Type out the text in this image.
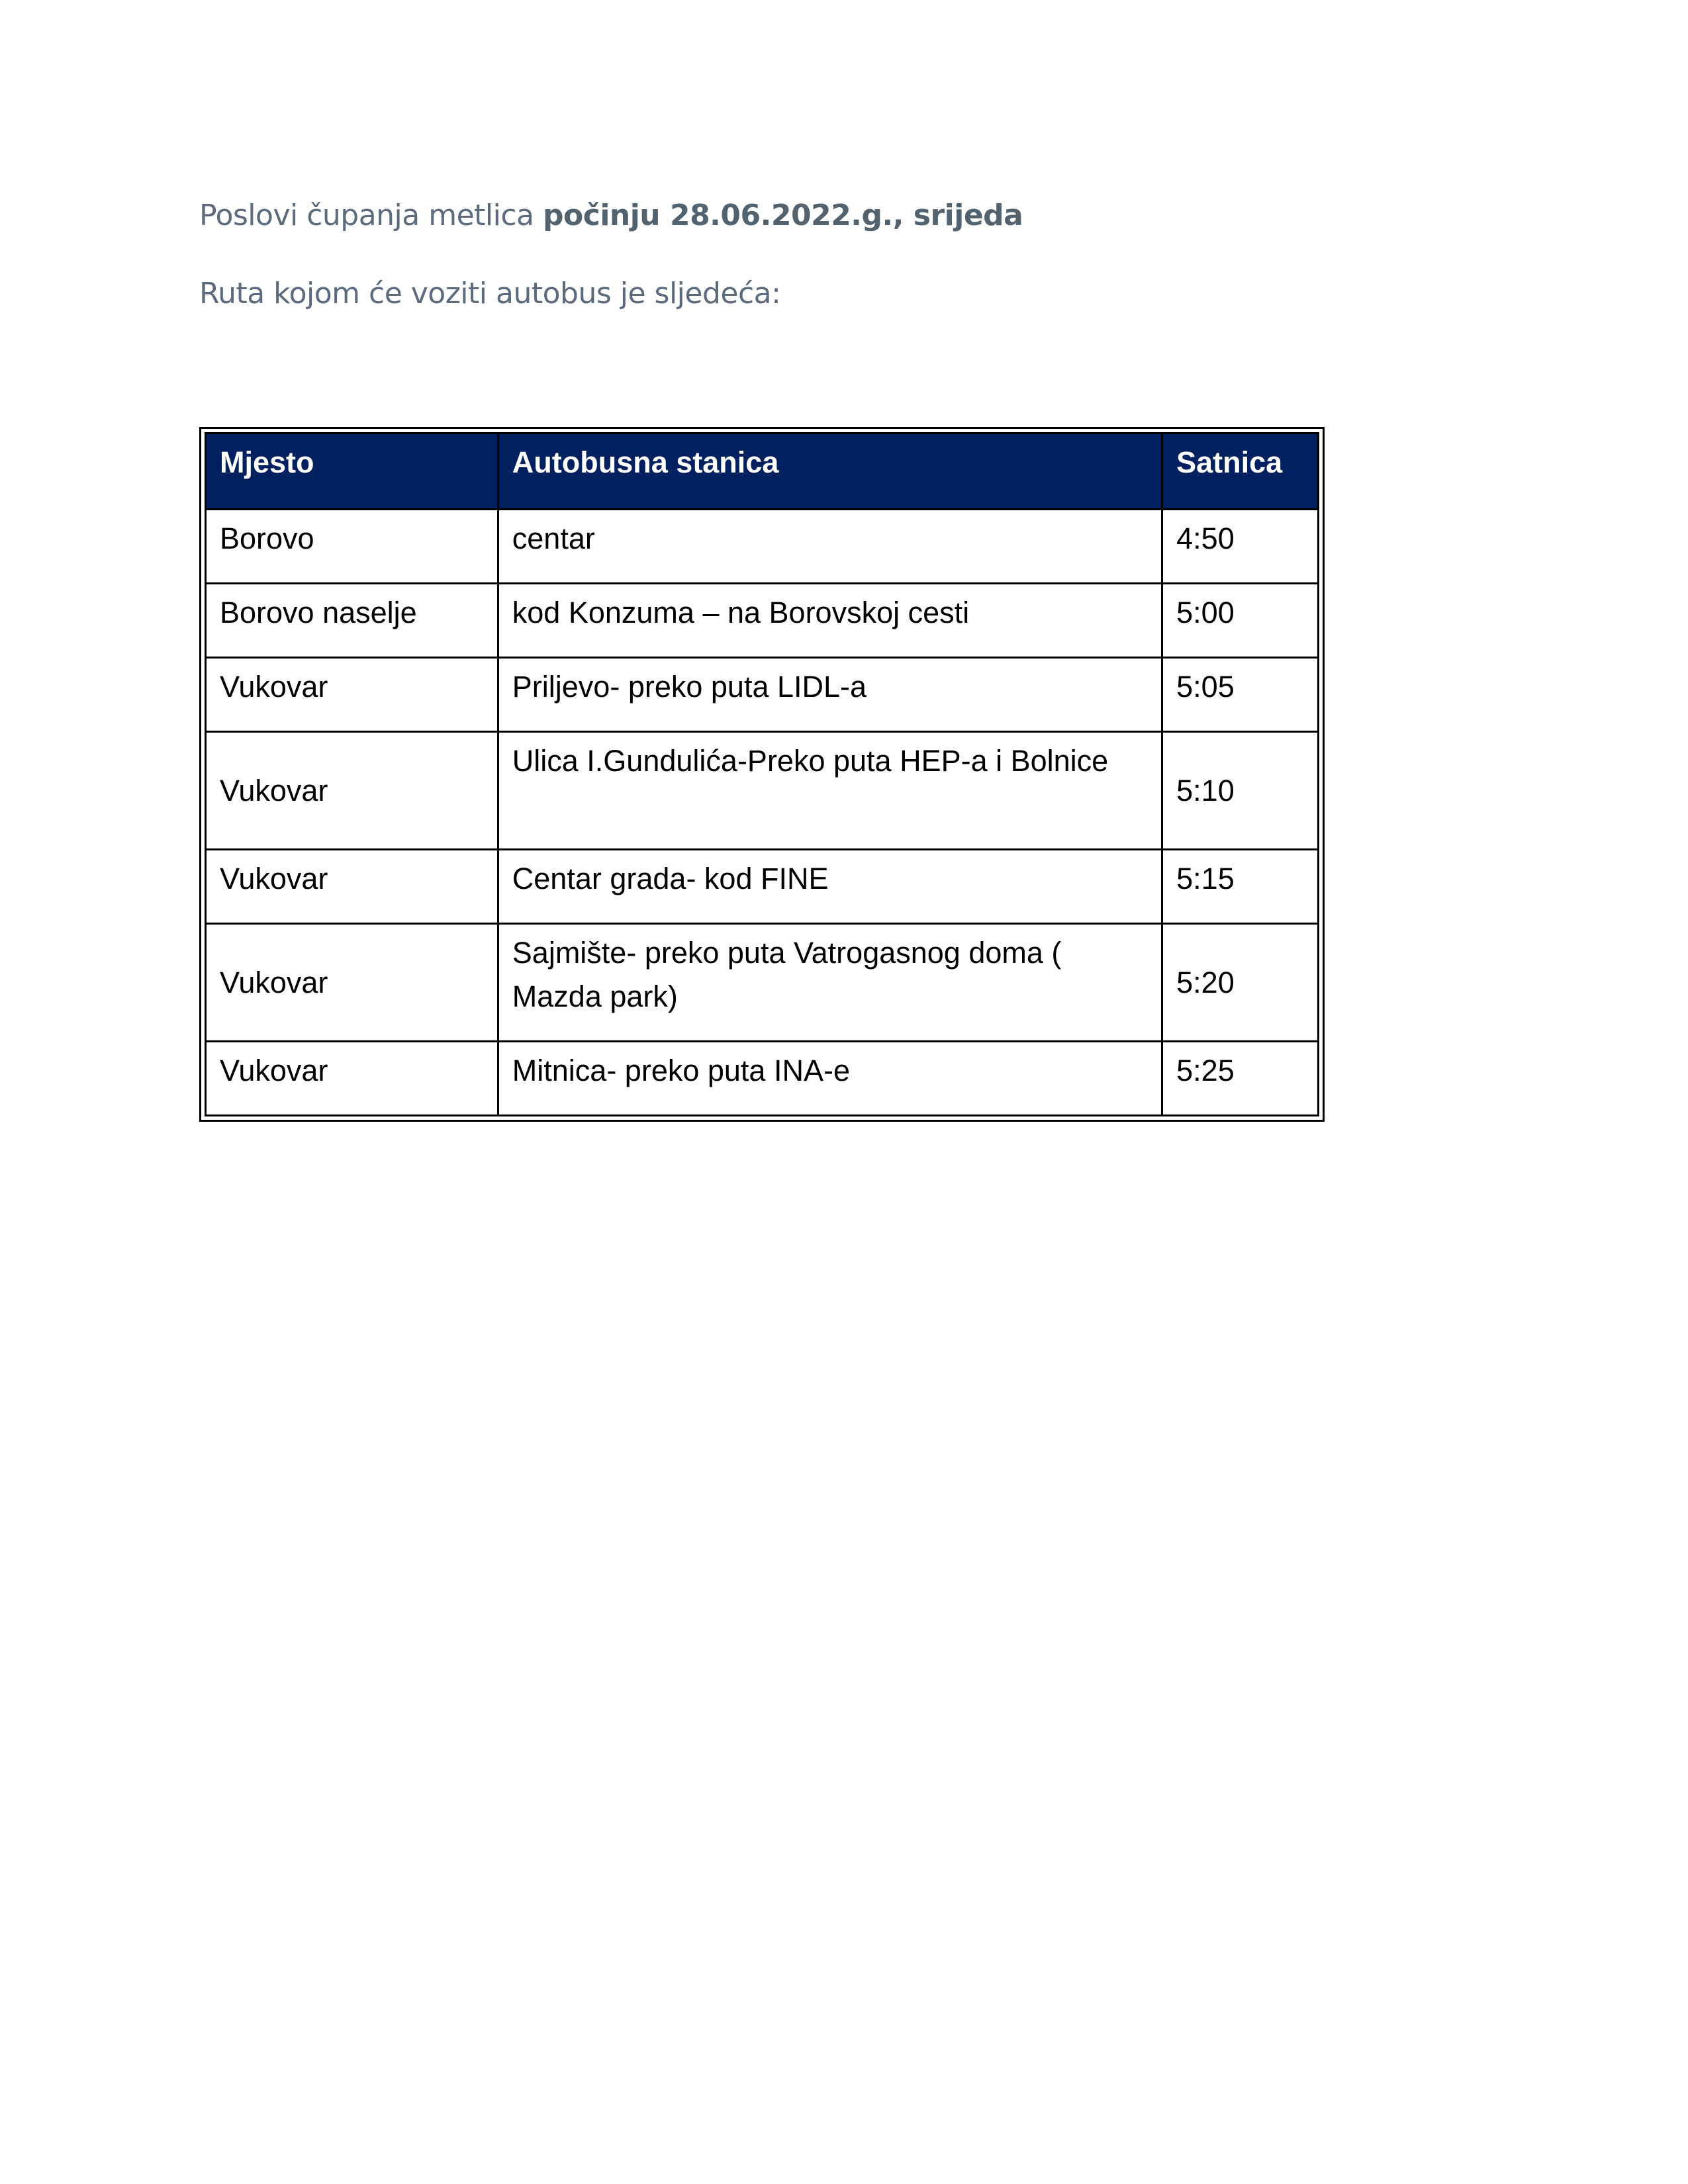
Poslovi čupanja metlica počinju 28.06.2022.g., srijeda
Ruta kojom će voziti autobus je sljedeća:
Mjesto	Autobusna stanica	Satnica
Borovo	centar	4:50
Borovo naselje	kod Konzuma – na Borovskoj cesti	5:00
Vukovar	Priljevo- preko puta LIDL-a	5:05
Vukovar	Ulica I.Gundulića-Preko puta HEP-a i Bolnice	5:10
Vukovar	Centar grada- kod FINE	5:15
Vukovar	Sajmište- preko puta Vatrogasnog doma ( Mazda park)	5:20
Vukovar	Mitnica- preko puta INA-e	5:25
